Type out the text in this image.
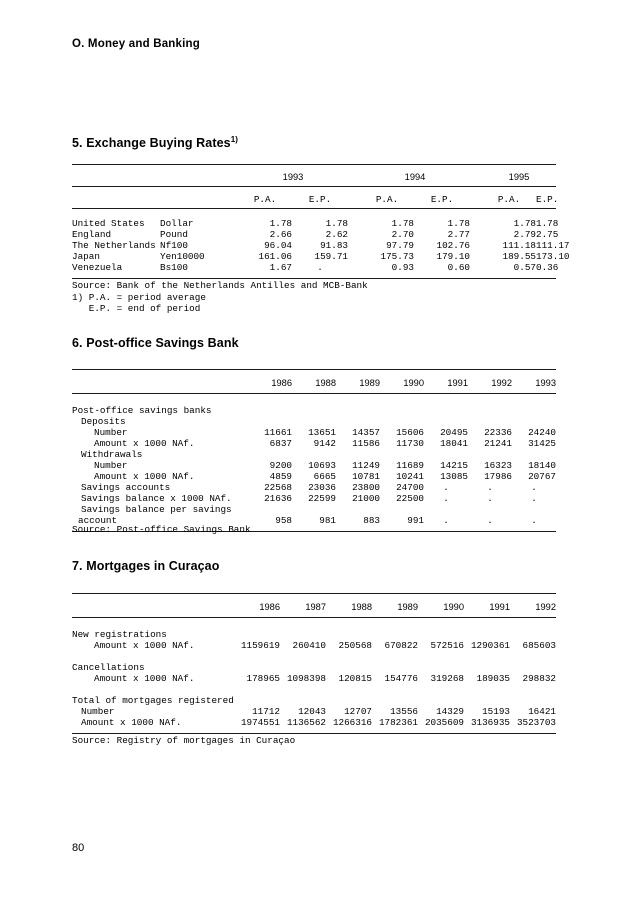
O. Money and Banking
5. Exchange Buying Rates$^{1)}$

		1993			1994			1995	

		P.A.	E.P.		P.A.	E.P.		P.A.	E.P.

United States	Dollar	1.78	1.78		1.78	1.78		1.78	1.78
England	Pound	2.66	2.62		2.70	2.77		2.79	2.75
The Netherlands	Nf100	96.04	91.83		97.79	102.76		111.18	111.17
Japan	Yen10000	161.06	159.71		175.73	179.10		189.55	173.10
Venezuela	Bs100	1.67	.		0.93	0.60		0.57	0.36

Source: Bank of the Netherlands Antilles and MCB-Bank
1) P.A. = period average
E.P. = end of period
6. Post-office Savings Bank

	1986	1988	1989	1990	1991	1992	1993

Post-office savings banks							
Deposits							
Number	11661	13651	14357	15606	20495	22336	24240
Amount x 1000 NAf.	6837	9142	11586	11730	18041	21241	31425
Withdrawals							
Number	9200	10693	11249	11689	14215	16323	18140
Amount x 1000 NAf.	4859	6665	10781	10241	13085	17986	20767
Savings accounts	22568	23036	23800	24700	.	.	.
Savings balance x 1000 NAf.	21636	22599	21000	22500	.	.	.
Savings balance per savings							
account	958	981	883	991	.	.	.

Source: Post-office Savings Bank
7. Mortgages in Curaçao

	1986	1987	1988	1989	1990	1991	1992

New registrations							
Amount x 1000 NAf.	1159619	260410	250568	670822	572516	1290361	685603

Cancellations							
Amount x 1000 NAf.	178965	1098398	120815	154776	319268	189035	298832

Total of mortgages registered							
Number	11712	12043	12707	13556	14329	15193	16421
Amount x 1000 NAf.	1974551	1136562	1266316	1782361	2035609	3136935	3523703

Source: Registry of mortgages in Curaçao
80
